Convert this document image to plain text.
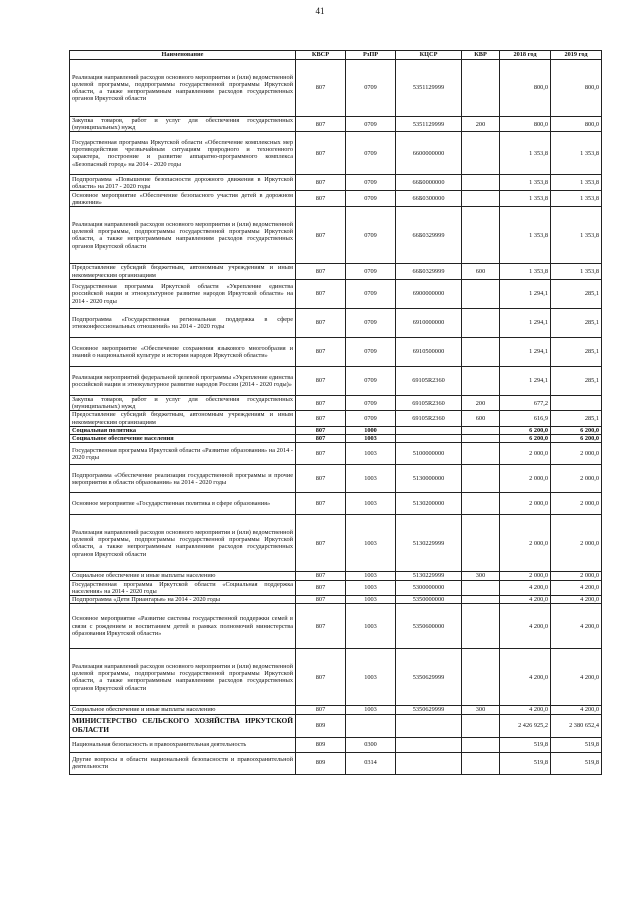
41
Наименование	КВСР	РзПР	КЦСР	КВР	2018 год	2019 год
Реализация направлений расходов основного мероприятия и (или) ведомственной целевой программы, подпрограммы государственной программы Иркутской области, а также непрограммным направлениям расходов государственных органов Иркутской области	807	0709	5351129999		800,0	800,0
Закупка товаров, работ и услуг для обеспечения государственных (муниципальных) нужд	807	0709	5351129999	200	800,0	800,0
Государственная программа Иркутской области «Обеспечение комплексных мер противодействия чрезвычайным ситуациям природного и техногенного характера, построение и развитие аппаратно-программного комплекса «Безопасный город» на 2014 - 2020 годы	807	0709	6600000000		1 353,8	1 353,8
Подпрограмма «Повышение безопасности дорожного движения в Иркутской области» на 2017 - 2020 годы	807	0709	66Б0000000		1 353,8	1 353,8
Основное мероприятие «Обеспечение безопасного участия детей в дорожном движении»	807	0709	66Б0300000		1 353,8	1 353,8
Реализация направлений расходов основного мероприятия и (или) ведомственной целевой программы, подпрограммы государственной программы Иркутской области, а также непрограммным направлениям расходов государственных органов Иркутской области	807	0709	66Б0329999		1 353,8	1 353,8
Предоставление субсидий бюджетным, автономным учреждениям и иным некоммерческим организациям	807	0709	66Б0329999	600	1 353,8	1 353,8
Государственная программа Иркутской области «Укрепление единства российской нации и этнокультурное развитие народов Иркутской области» на 2014 - 2020 годы	807	0709	6900000000		1 294,1	285,1
Подпрограмма «Государственная региональная поддержка в сфере этноконфессиональных отношений» на 2014 - 2020 годы	807	0709	6910000000		1 294,1	285,1
Основное мероприятие «Обеспечение сохранения языкового многообразия и знаний о национальной культуре и истории народов Иркутской области»	807	0709	6910500000		1 294,1	285,1
Реализация мероприятий федеральной целевой программы «Укрепление единства российской нации и этнокультурное развитие народов России (2014 - 2020 годы)»	807	0709	69105R2360		1 294,1	285,1
Закупка товаров, работ и услуг для обеспечения государственных (муниципальных) нужд	807	0709	69105R2360	200	677,2	
Предоставление субсидий бюджетным, автономным учреждениям и иным некоммерческим организациям	807	0709	69105R2360	600	616,9	285,1
Социальная политика	807	1000			6 200,0	6 200,0
Социальное обеспечение населения	807	1003			6 200,0	6 200,0
Государственная программа Иркутской области «Развитие образования» на 2014 - 2020 годы	807	1003	5100000000		2 000,0	2 000,0
Подпрограмма «Обеспечение реализации государственной программы и прочие мероприятия в области образования» на 2014 - 2020 годы	807	1003	5130000000		2 000,0	2 000,0
Основное мероприятие «Государственная политика в сфере образования»	807	1003	5130200000		2 000,0	2 000,0
Реализация направлений расходов основного мероприятия и (или) ведомственной целевой программы, подпрограммы государственной программы Иркутской области, а также непрограммным направлениям расходов государственных органов Иркутской области	807	1003	5130229999		2 000,0	2 000,0
Социальное обеспечение и иные выплаты населению	807	1003	5130229999	300	2 000,0	2 000,0
Государственная программа Иркутской области «Социальная поддержка населения» на 2014 - 2020 годы	807	1003	5300000000		4 200,0	4 200,0
Подпрограмма «Дети Приангарья» на 2014 - 2020 годы	807	1003	5350000000		4 200,0	4 200,0
Основное мероприятие «Развитие системы государственной поддержки семей в связи с рождением и воспитанием детей в рамках полномочий министерства образования Иркутской области»	807	1003	5350600000		4 200,0	4 200,0
Реализация направлений расходов основного мероприятия и (или) ведомственной целевой программы, подпрограммы государственной программы Иркутской области, а также непрограммным направлениям расходов государственных органов Иркутской области	807	1003	5350629999		4 200,0	4 200,0
Социальное обеспечение и иные выплаты населению	807	1003	5350629999	300	4 200,0	4 200,0
МИНИСТЕРСТВО СЕЛЬСКОГО ХОЗЯЙСТВА ИРКУТСКОЙ ОБЛАСТИ	809				2 426 925,2	2 380 652,4
Национальная безопасность и правоохранительная деятельность	809	0300			519,8	519,8
Другие вопросы в области национальной безопасности и правоохранительной деятельности	809	0314			519,8	519,8
